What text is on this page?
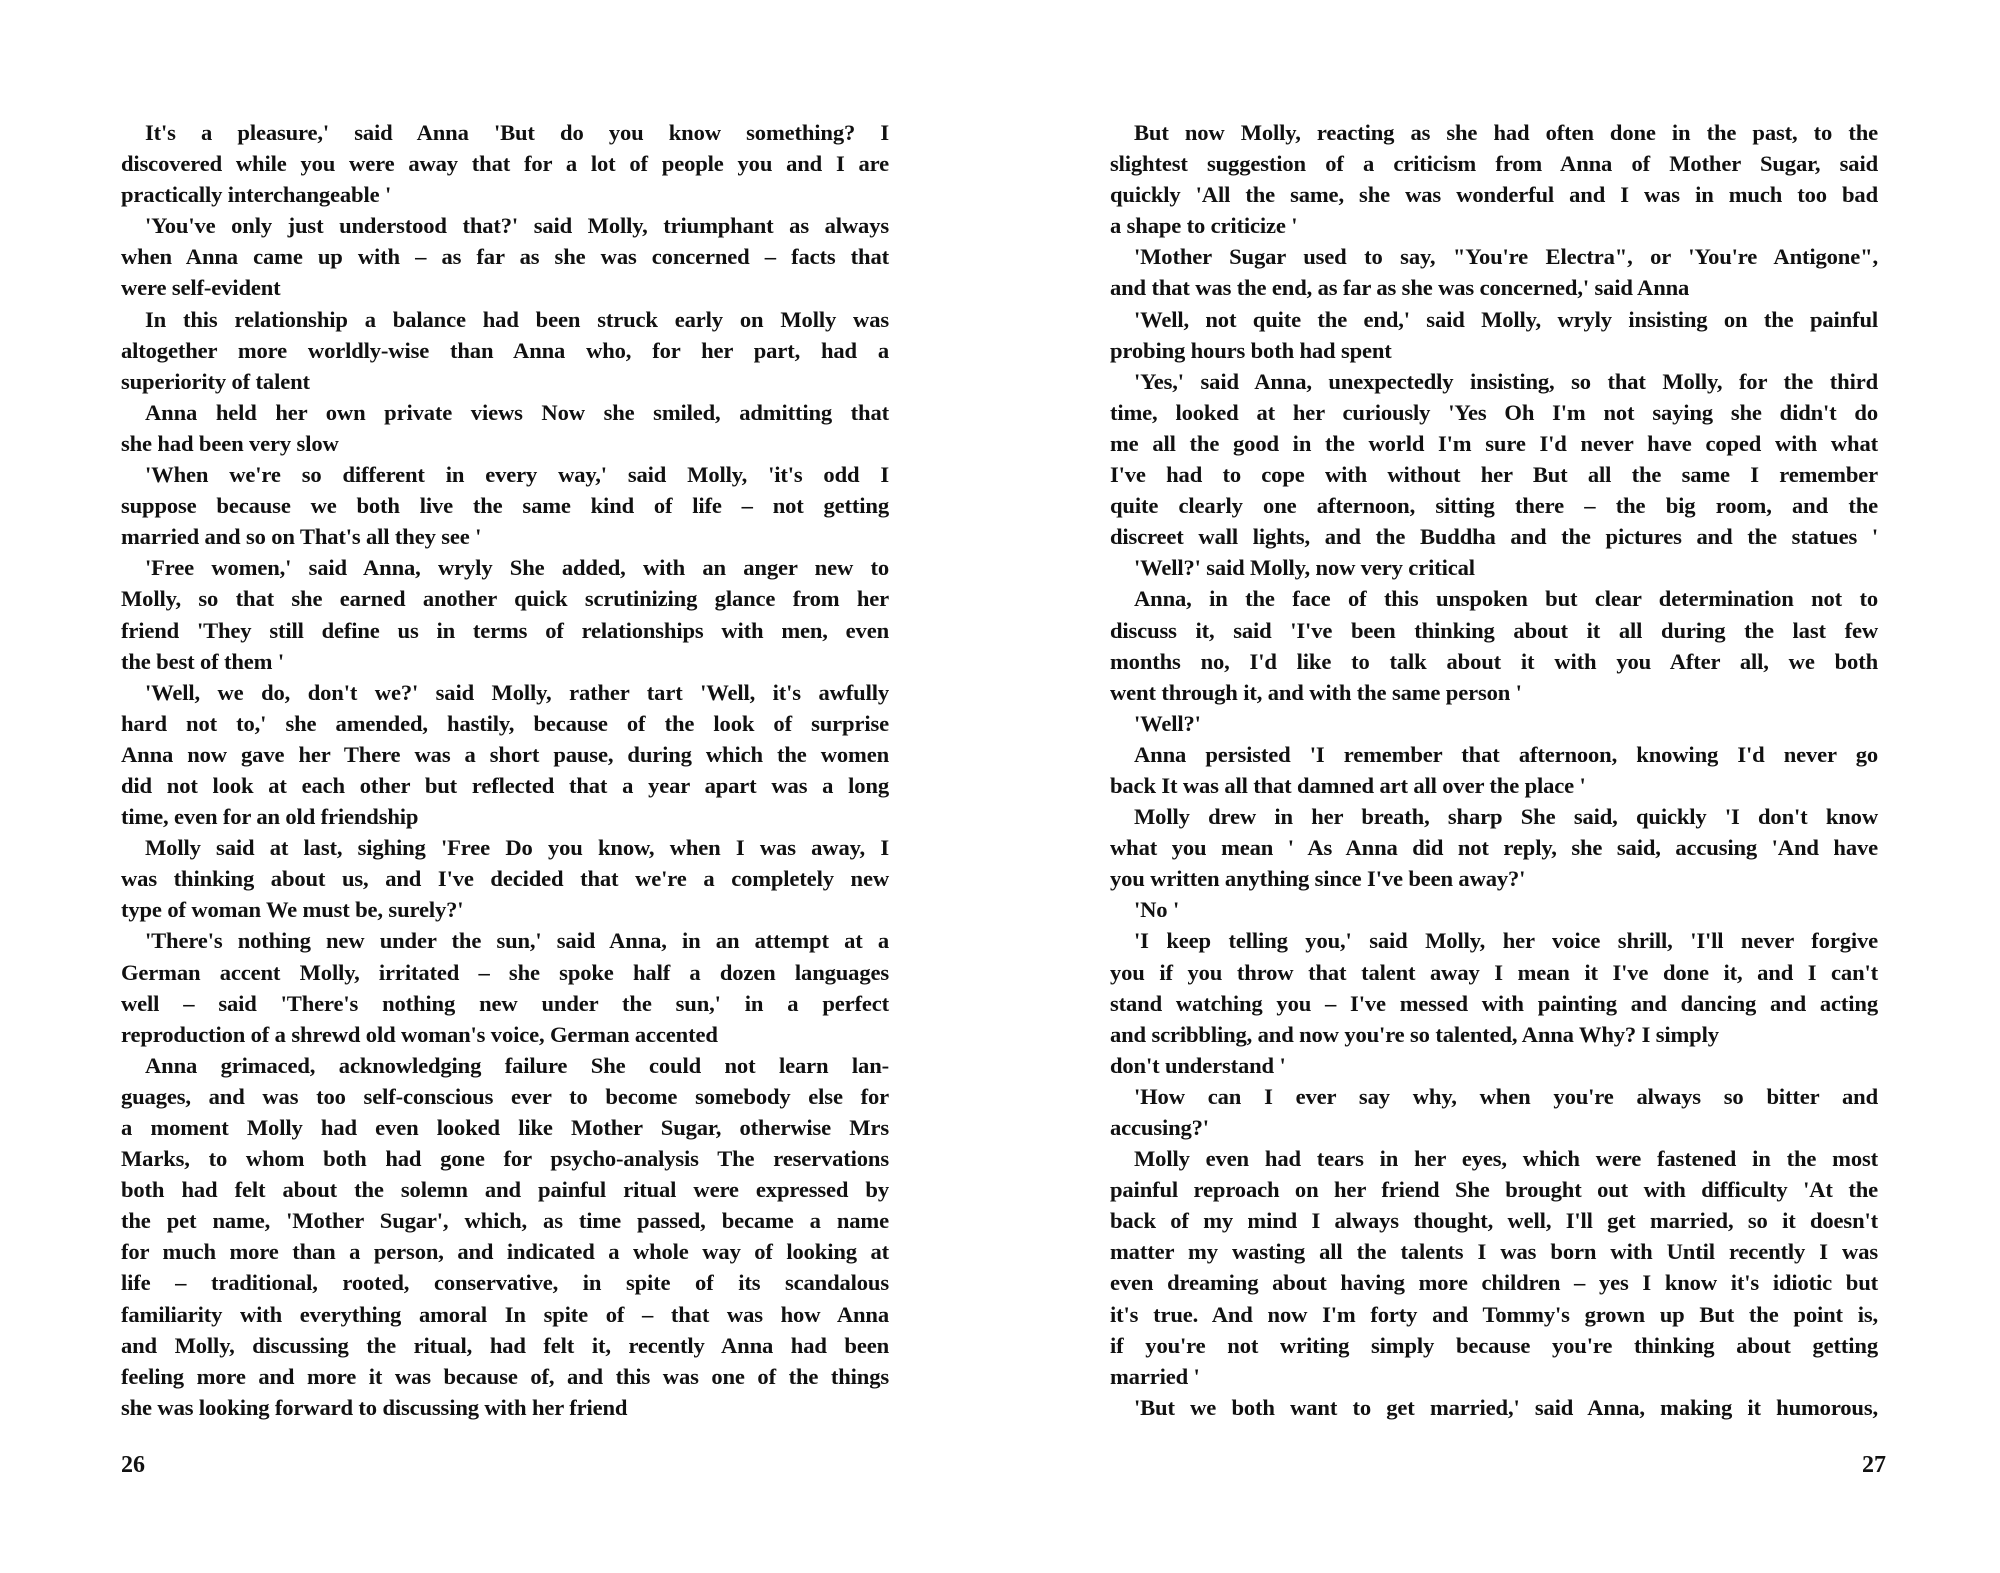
It's a pleasure,' said Anna 'But do you know something? I
discovered while you were away that for a lot of people you and I are
practically interchangeable '
'You've only just understood that?' said Molly, triumphant as always
when Anna came up with – as far as she was concerned – facts that
were self-evident
In this relationship a balance had been struck early on Molly was
altogether more worldly-wise than Anna who, for her part, had a
superiority of talent
Anna held her own private views Now she smiled, admitting that
she had been very slow
'When we're so different in every way,' said Molly, 'it's odd I
suppose because we both live the same kind of life – not getting
married and so on That's all they see '
'Free women,' said Anna, wryly She added, with an anger new to
Molly, so that she earned another quick scrutinizing glance from her
friend 'They still define us in terms of relationships with men, even
the best of them '
'Well, we do, don't we?' said Molly, rather tart 'Well, it's awfully
hard not to,' she amended, hastily, because of the look of surprise
Anna now gave her There was a short pause, during which the women
did not look at each other but reflected that a year apart was a long
time, even for an old friendship
Molly said at last, sighing 'Free Do you know, when I was away, I
was thinking about us, and I've decided that we're a completely new
type of woman We must be, surely?'
'There's nothing new under the sun,' said Anna, in an attempt at a
German accent Molly, irritated – she spoke half a dozen languages
well – said 'There's nothing new under the sun,' in a perfect
reproduction of a shrewd old woman's voice, German accented
Anna grimaced, acknowledging failure She could not learn lan-
guages, and was too self-conscious ever to become somebody else for
a moment Molly had even looked like Mother Sugar, otherwise Mrs
Marks, to whom both had gone for psycho-analysis The reservations
both had felt about the solemn and painful ritual were expressed by
the pet name, 'Mother Sugar', which, as time passed, became a name
for much more than a person, and indicated a whole way of looking at
life – traditional, rooted, conservative, in spite of its scandalous
familiarity with everything amoral In spite of – that was how Anna
and Molly, discussing the ritual, had felt it, recently Anna had been
feeling more and more it was because of, and this was one of the things
she was looking forward to discussing with her friend
26
But now Molly, reacting as she had often done in the past, to the
slightest suggestion of a criticism from Anna of Mother Sugar, said
quickly 'All the same, she was wonderful and I was in much too bad
a shape to criticize '
'Mother Sugar used to say, "You're Electra", or 'You're Antigone",
and that was the end, as far as she was concerned,' said Anna
'Well, not quite the end,' said Molly, wryly insisting on the painful
probing hours both had spent
'Yes,' said Anna, unexpectedly insisting, so that Molly, for the third
time, looked at her curiously 'Yes Oh I'm not saying she didn't do
me all the good in the world I'm sure I'd never have coped with what
I've had to cope with without her But all the same I remember
quite clearly one afternoon, sitting there – the big room, and the
discreet wall lights, and the Buddha and the pictures and the statues '
'Well?' said Molly, now very critical
Anna, in the face of this unspoken but clear determination not to
discuss it, said 'I've been thinking about it all during the last few
months no, I'd like to talk about it with you After all, we both
went through it, and with the same person '
'Well?'
Anna persisted 'I remember that afternoon, knowing I'd never go
back It was all that damned art all over the place '
Molly drew in her breath, sharp She said, quickly 'I don't know
what you mean ' As Anna did not reply, she said, accusing 'And have
you written anything since I've been away?'
'No '
'I keep telling you,' said Molly, her voice shrill, 'I'll never forgive
you if you throw that talent away I mean it I've done it, and I can't
stand watching you – I've messed with painting and dancing and acting
and scribbling, and now you're so talented, Anna Why? I simply
don't understand '
'How can I ever say why, when you're always so bitter and
accusing?'
Molly even had tears in her eyes, which were fastened in the most
painful reproach on her friend She brought out with difficulty 'At the
back of my mind I always thought, well, I'll get married, so it doesn't
matter my wasting all the talents I was born with Until recently I was
even dreaming about having more children – yes I know it's idiotic but
it's true. And now I'm forty and Tommy's grown up But the point is,
if you're not writing simply because you're thinking about getting
married '
'But we both want to get married,' said Anna, making it humorous,
27
